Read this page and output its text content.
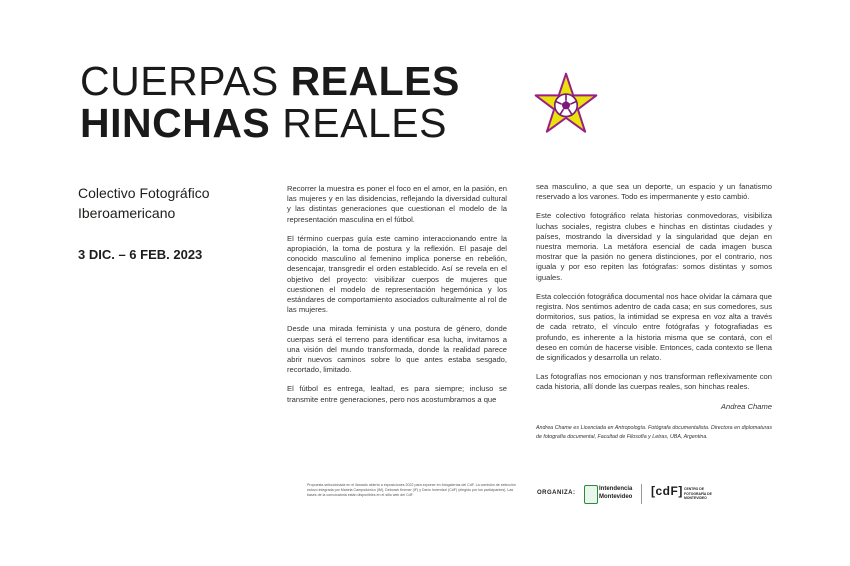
CUERPAS REALES
HINCHAS REALES
Colectivo Fotográfico
Iberoamericano
3 DIC. – 6 FEB. 2023

Recorrer la muestra es poner el foco en el amor, en la pasión, en las mujeres y en las disidencias, reflejando la diversidad cultural y las distintas generaciones que cuestionan el modelo de la representación masculina en el fútbol.

El término cuerpas guía este camino interaccionando entre la apropiación, la toma de postura y la reflexión. El pasaje del conocido masculino al femenino implica ponerse en rebelión, desencajar, transgredir el orden establecido. Así se revela en el objetivo del proyecto: visibilizar cuerpos de mujeres que cuestionen el modelo de representación hegemónica y los estándares de comportamiento asociados culturalmente al rol de las mujeres.

Desde una mirada feminista y una postura de género, donde cuerpas será el terreno para identificar esa lucha, invitamos a una visión del mundo transformada, donde la realidad parece abrir nuevos caminos sobre lo que antes estaba sesgado, recortado, limitado.

El fútbol es entrega, lealtad, es para siempre; incluso se transmite entre generaciones, pero nos acostumbramos a que

sea masculino, a que sea un deporte, un espacio y un fanatismo reservado a los varones. Todo es impermanente y esto cambió.

Este colectivo fotográfico relata historias conmovedoras, visibiliza luchas sociales, registra clubes e hinchas en distintas ciudades y países, mostrando la diversidad y la singularidad que dejan en nuestra memoria. La metáfora esencial de cada imagen busca mostrar que la pasión no genera distinciones, por el contrario, nos iguala y por eso repiten las fotógrafas: somos distintas y somos iguales.

Esta colección fotográfica documental nos hace olvidar la cámara que registra. Nos sentimos adentro de cada casa; en sus comedores, sus dormitorios, sus patios, la intimidad se expresa en voz alta a través de cada retrato, el vínculo entre fotógrafas y fotografiadas es profundo, es inherente a la historia misma que se contará, con el deseo en común de hacerse visible. Entonces, cada contexto se llena de significados y desarrolla un relato.

Las fotografías nos emocionan y nos transforman reflexivamente con cada historia, allí donde las cuerpas reales, son hinchas reales.

Andrea Chame
Andrea Chame es Licenciada en Antropología. Fotógrafa documentalista. Directora en diplomaturas de fotografía documental, Facultad de Filosofía y Letras, UBA, Argentina.
Propuesta seleccionada en el llamado abierto a exposiciones 2022 para exponer en fotogalerías del CdF. La comisión de selección estuvo integrada por Mariela Campodónico (IM), Deborah Kremer (IF) y Darío Invernizzi (CdF) (elegido por los participantes). Las bases de la convocatoria están disponibles en el sitio web del CdF.	ORGANIZA:
Intendencia
Montevideo [cdF] CENTRO DE FOTOGRAFÍA DE MONTEVIDEO
